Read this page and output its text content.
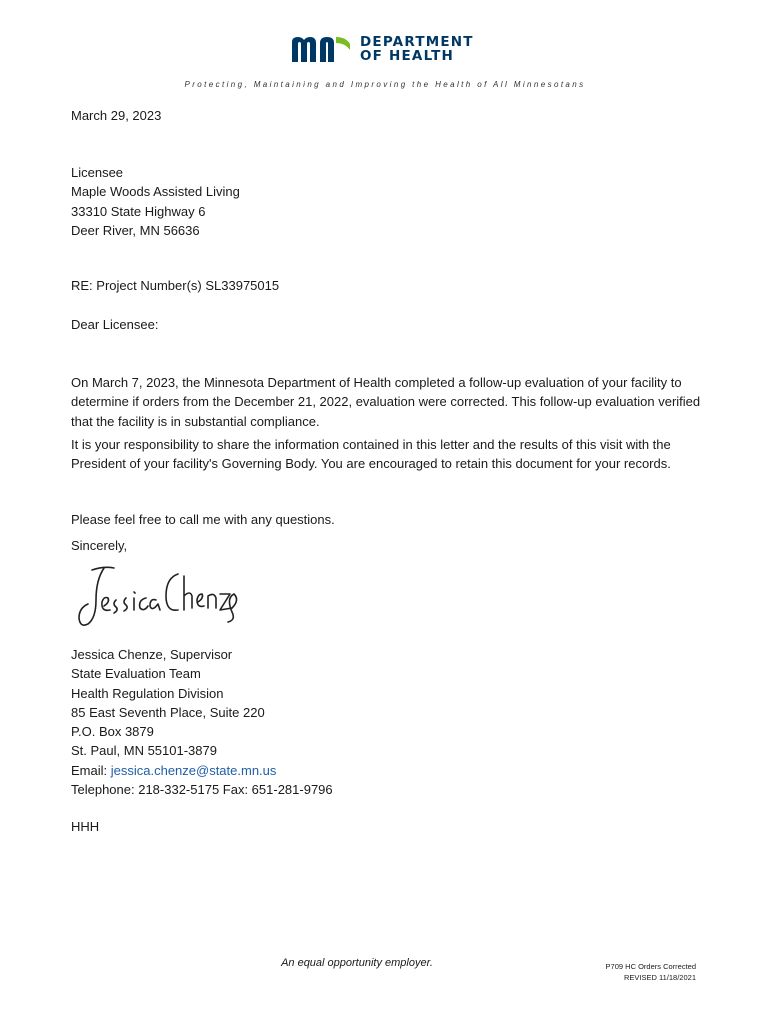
DEPARTMENT
OF HEALTH
Protecting, Maintaining and Improving the Health of All Minnesotans
March 29, 2023
Licensee
Maple Woods Assisted Living
33310 State Highway 6
Deer River, MN 56636
RE: Project Number(s) SL33975015
Dear Licensee:

On March 7, 2023, the Minnesota Department of Health completed a follow-up evaluation of your facility to determine if orders from the December 21, 2022, evaluation were corrected. This follow-up evaluation verified that the facility is in substantial compliance.

It is your responsibility to share the information contained in this letter and the results of this visit with the President of your facility's Governing Body. You are encouraged to retain this document for your records.

Please feel free to call me with any questions.

Sincerely,
Jessica Chenze, Supervisor
State Evaluation Team
Health Regulation Division
85 East Seventh Place, Suite 220
P.O. Box 3879
St. Paul, MN 55101-3879
Email: jessica.chenze@state.mn.us
Telephone: 218-332-5175 Fax: 651-281-9796
HHH
An equal opportunity employer.	P709 HC Orders Corrected
REVISED 11/18/2021
